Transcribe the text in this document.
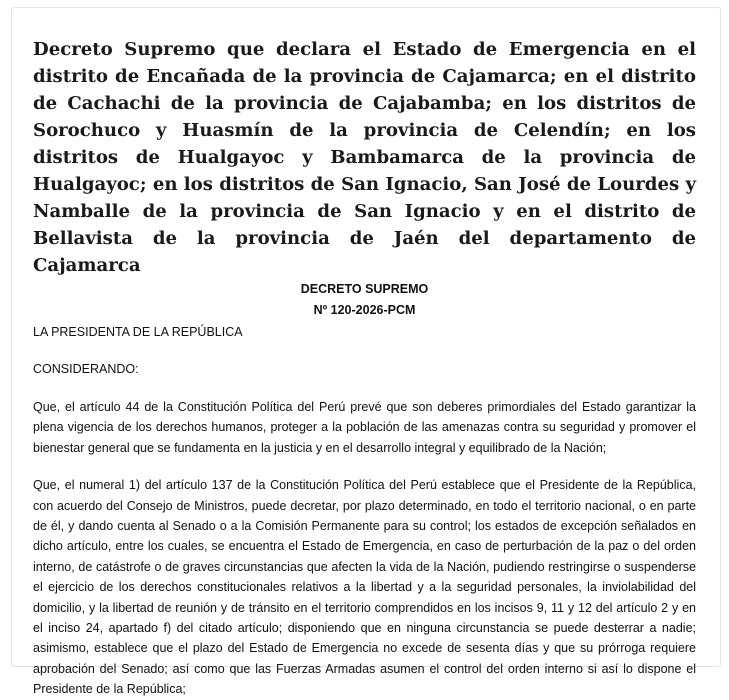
Decreto Supremo que declara el Estado de Emergencia en el distrito de Encañada de la provincia de Cajamarca; en el distrito de Cachachi de la provincia de Cajabamba; en los distritos de Sorochuco y Huasmín de la provincia de Celendín; en los distritos de Hualgayoc y Bambamarca de la provincia de Hualgayoc; en los distritos de San Ignacio, San José de Lourdes y Namballe de la provincia de San Ignacio y en el distrito de Bellavista de la provincia de Jaén del departamento de Cajamarca

DECRETO SUPREMO

Nº 120-2026-PCM

LA PRESIDENTA DE LA REPÚBLICA

CONSIDERANDO:

Que, el artículo 44 de la Constitución Política del Perú prevé que son deberes primordiales del Estado garantizar la plena vigencia de los derechos humanos, proteger a la población de las amenazas contra su seguridad y promover el bienestar general que se fundamenta en la justicia y en el desarrollo integral y equilibrado de la Nación;

Que, el numeral 1) del artículo 137 de la Constitución Política del Perú establece que el Presidente de la República, con acuerdo del Consejo de Ministros, puede decretar, por plazo determinado, en todo el territorio nacional, o en parte de él, y dando cuenta al Senado o a la Comisión Permanente para su control; los estados de excepción señalados en dicho artículo, entre los cuales, se encuentra el Estado de Emergencia, en caso de perturbación de la paz o del orden interno, de catástrofe o de graves circunstancias que afecten la vida de la Nación, pudiendo restringirse o suspenderse el ejercicio de los derechos constitucionales relativos a la libertad y a la seguridad personales, la inviolabilidad del domicilio, y la libertad de reunión y de tránsito en el territorio comprendidos en los incisos 9, 11 y 12 del artículo 2 y en el inciso 24, apartado f) del citado artículo; disponiendo que en ninguna circunstancia se puede desterrar a nadie; asimismo, establece que el plazo del Estado de Emergencia no excede de sesenta días y que su prórroga requiere aprobación del Senado; así como que las Fuerzas Armadas asumen el control del orden interno si así lo dispone el Presidente de la República;
